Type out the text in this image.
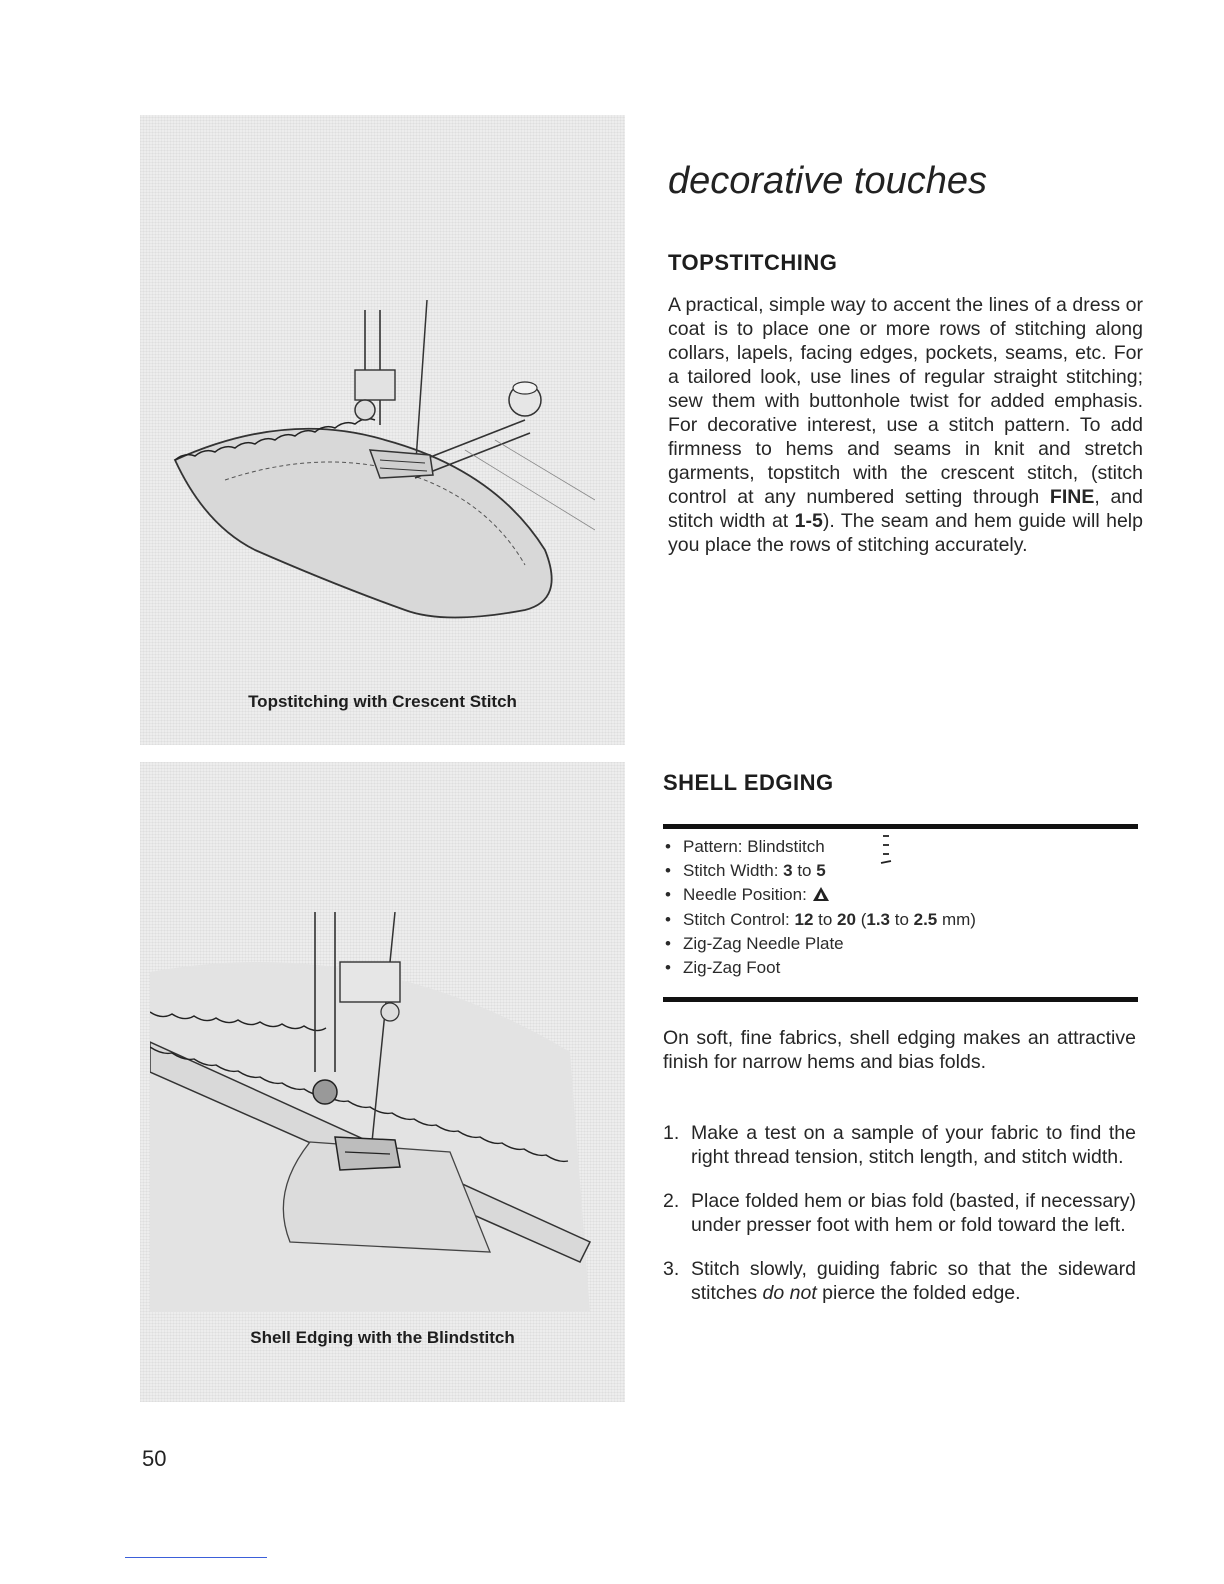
Topstitching with Crescent Stitch
Shell Edging with the Blindstitch
decorative touches
TOPSTITCHING

A practical, simple way to accent the lines of a dress or coat is to place one or more rows of stitching along collars, lapels, facing edges, pockets, seams, etc. For a tailored look, use lines of regular straight stitching; sew them with buttonhole twist for added emphasis. For decorative interest, use a stitch pattern. To add firmness to hems and seams in knit and stretch garments, topstitch with the crescent stitch, (stitch control at any numbered setting through FINE, and stitch width at 1-5). The seam and hem guide will help you place the rows of stitching accurately.

SHELL EDGING
• Pattern: Blindstitch
• Stitch Width: 3 to 5
• Needle Position:
• Stitch Control: 12 to 20 (1.3 to 2.5 mm)
• Zig-Zag Needle Plate
• Zig-Zag Foot

On soft, fine fabrics, shell edging makes an attractive finish for narrow hems and bias folds.

1. Make a test on a sample of your fabric to find the right thread tension, stitch length, and stitch width.
2. Place folded hem or bias fold (basted, if necessary) under presser foot with hem or fold toward the left.
3. Stitch slowly, guiding fabric so that the sideward stitches do not pierce the folded edge.
50
